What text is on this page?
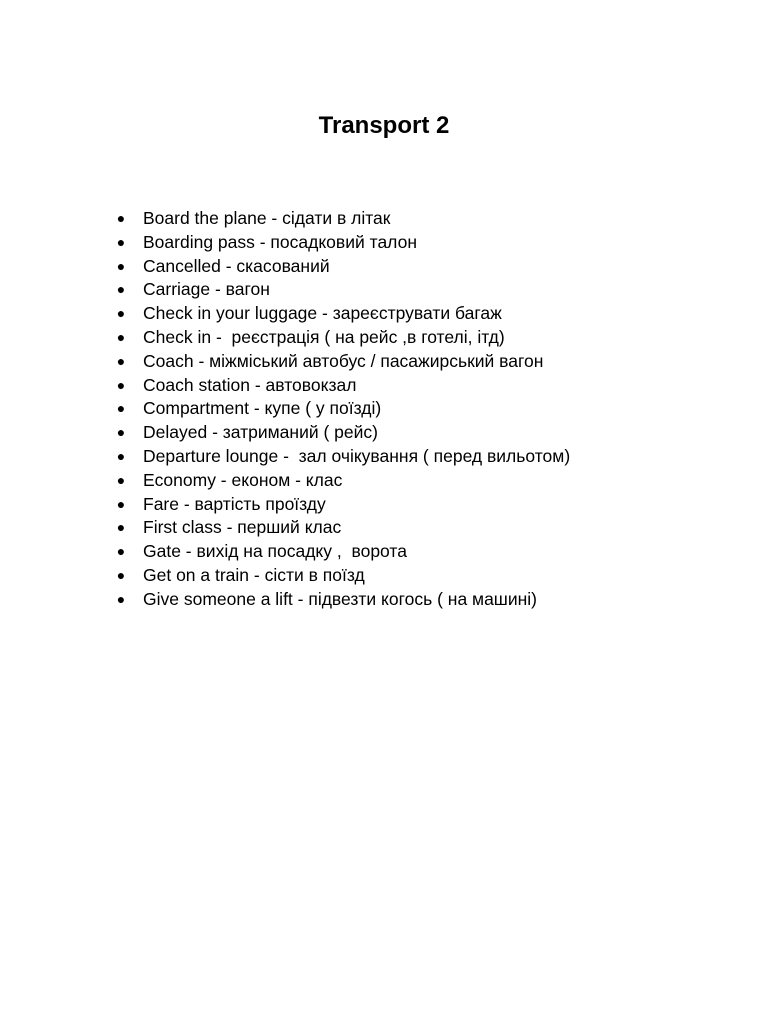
Transport 2
●
Board the plane - сідати в літак
●
Boarding pass - посадковий талон
●
Cancelled - скасований
●
Carriage - вагон
●
Check in your luggage - зареєструвати багаж
●
Check in -  реєстрація ( на рейс ,в готелі, ітд)
●
Coach - міжміський автобус / пасажирський вагон
●
Coach station - автовокзал
●
Compartment - купе ( у поїзді)
●
Delayed - затриманий ( рейс)
●
Departure lounge -  зал очікування ( перед вильотом)
●
Economy - економ - клас
●
Fare - вартість проїзду
●
First class - перший клас
●
Gate - вихід на посадку ,  ворота
●
Get on a train - сісти в поїзд
●
Give someone a lift - підвезти когось ( на машині)
